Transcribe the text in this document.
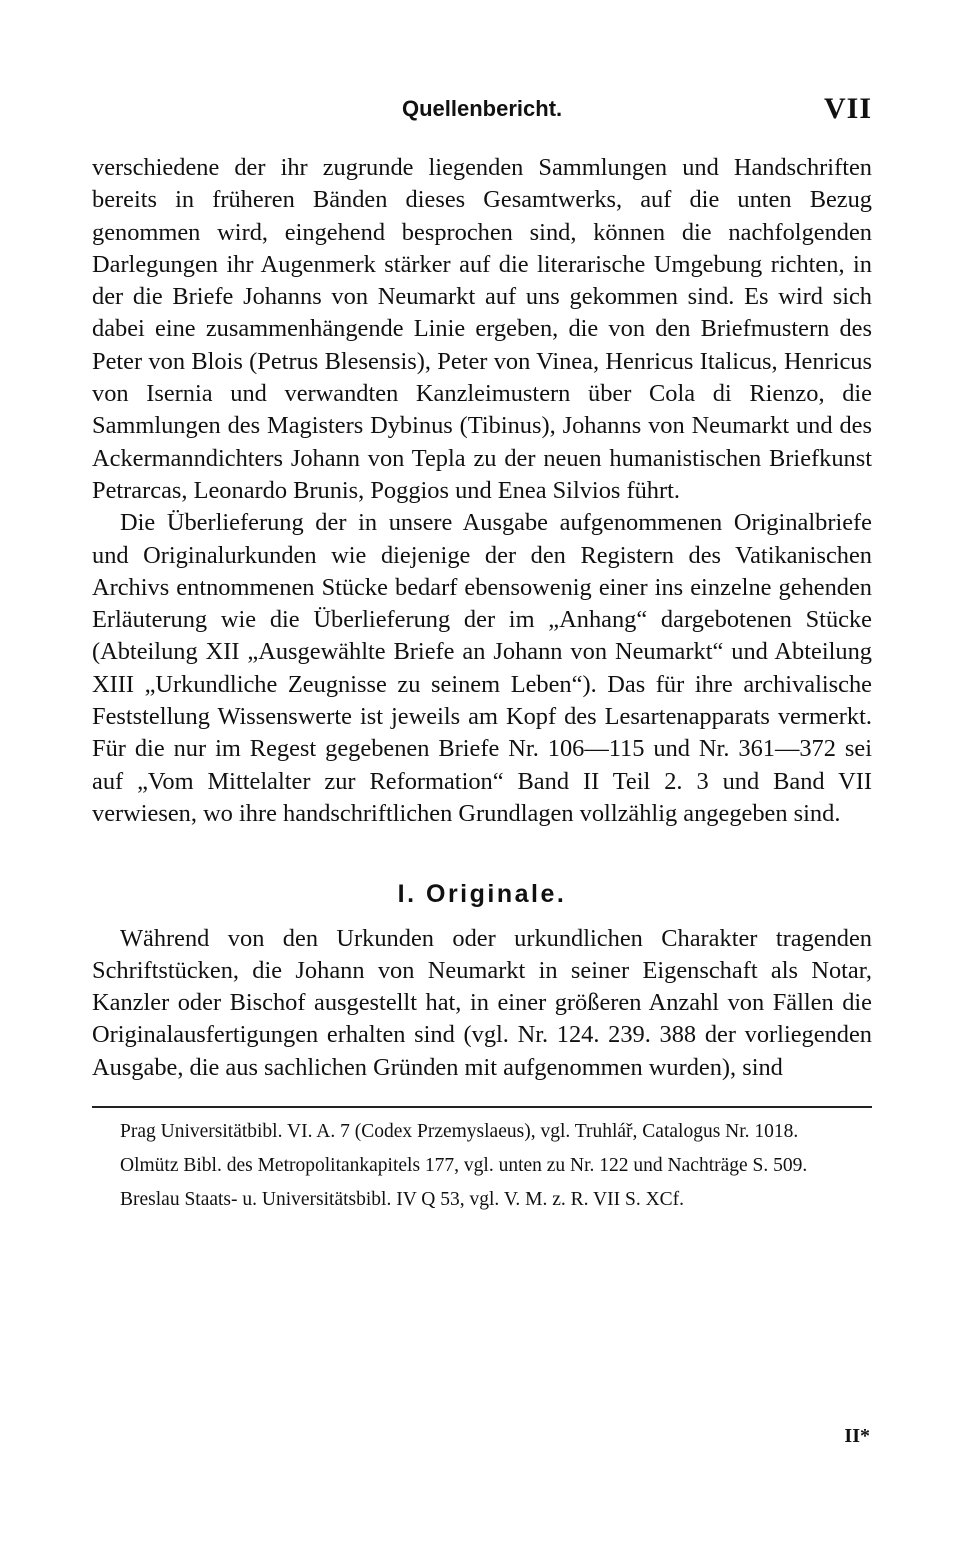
Quellenbericht.	VII

verschiedene der ihr zugrunde liegenden Sammlungen und Handschriften bereits in früheren Bänden dieses Gesamtwerks, auf die unten Bezug genommen wird, eingehend besprochen sind, können die nachfolgenden Darlegungen ihr Augenmerk stärker auf die literarische Umgebung richten, in der die Briefe Johanns von Neumarkt auf uns gekommen sind. Es wird sich dabei eine zusammenhängende Linie ergeben, die von den Briefmustern des Peter von Blois (Petrus Blesensis), Peter von Vinea, Henricus Italicus, Henricus von Isernia und verwandten Kanzleimustern über Cola di Rienzo, die Sammlungen des Magisters Dybinus (Tibinus), Johanns von Neumarkt und des Ackermanndichters Johann von Tepla zu der neuen humanistischen Briefkunst Petrarcas, Leonardo Brunis, Poggios und Enea Silvios führt.

Die Überlieferung der in unsere Ausgabe aufgenommenen Originalbriefe und Originalurkunden wie diejenige der den Registern des Vatikanischen Archivs entnommenen Stücke bedarf ebensowenig einer ins einzelne gehenden Erläuterung wie die Überlieferung der im „Anhang“ dargebotenen Stücke (Abteilung XII „Ausgewählte Briefe an Johann von Neumarkt“ und Abteilung XIII „Urkundliche Zeugnisse zu seinem Leben“). Das für ihre archivalische Feststellung Wissenswerte ist jeweils am Kopf des Lesartenapparats vermerkt. Für die nur im Regest gegebenen Briefe Nr. 106—115 und Nr. 361—372 sei auf „Vom Mittelalter zur Reformation“ Band II Teil 2. 3 und Band VII verwiesen, wo ihre handschriftlichen Grundlagen vollzählig angegeben sind.

I. Originale.

Während von den Urkunden oder urkundlichen Charakter tragenden Schriftstücken, die Johann von Neumarkt in seiner Eigenschaft als Notar, Kanzler oder Bischof ausgestellt hat, in einer größeren Anzahl von Fällen die Originalausfertigungen erhalten sind (vgl. Nr. 124. 239. 388 der vorliegenden Ausgabe, die aus sachlichen Gründen mit aufgenommen wurden), sind

Prag Universitätbibl. VI. A. 7 (Codex Przemyslaeus), vgl. Truhlář, Catalogus Nr. 1018.

Olmütz Bibl. des Metropolitankapitels 177, vgl. unten zu Nr. 122 und Nachträge S. 509.

Breslau Staats- u. Universitätsbibl. IV Q 53, vgl. V. M. z. R. VII S. XCf.

II*
